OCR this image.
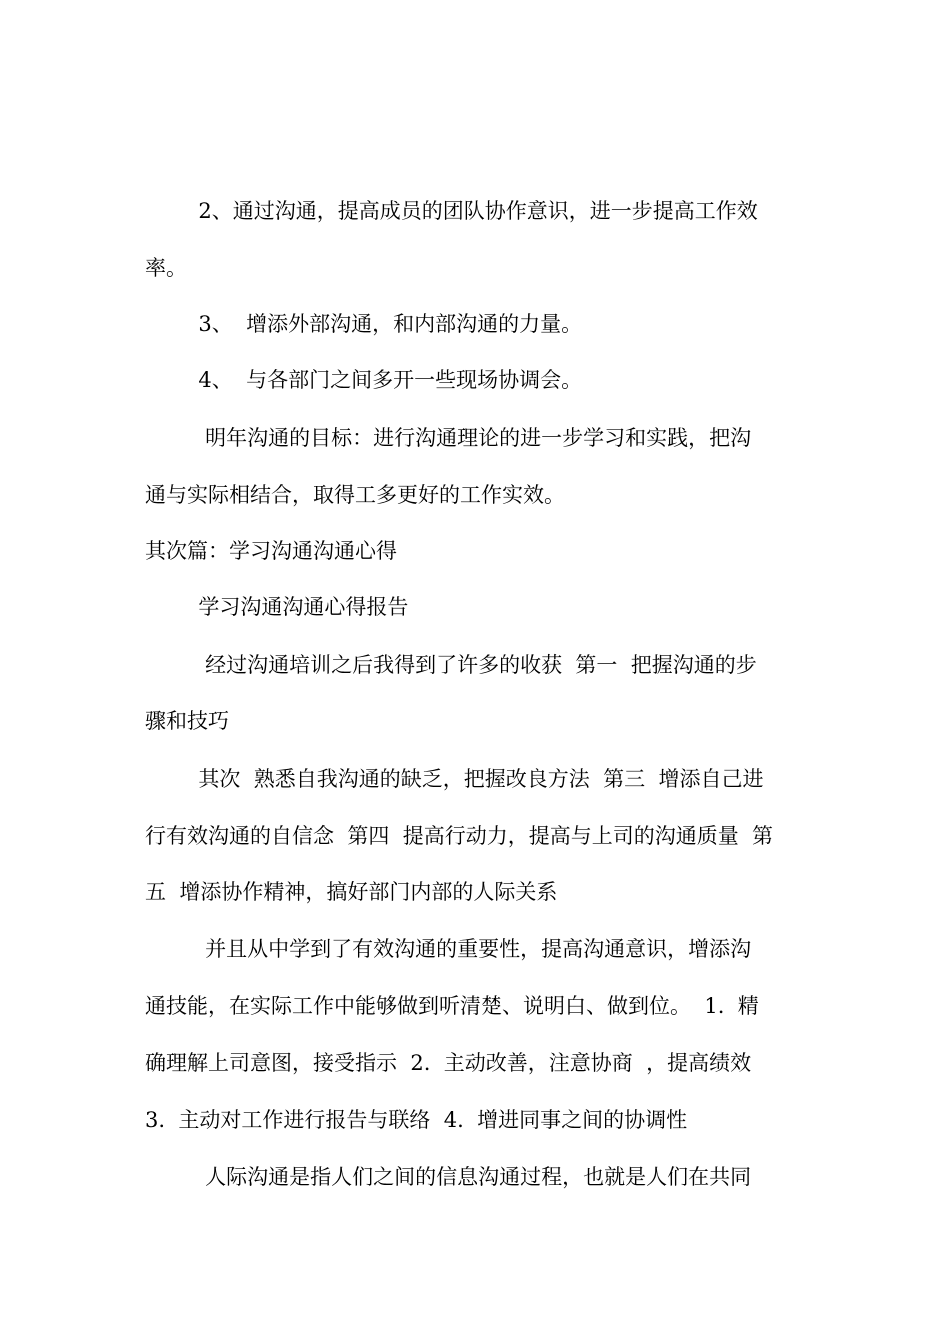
2、通过沟通，提高成员的团队协作意识，进一步提高工作效

率。

3、  增添外部沟通，和内部沟通的力量。

4、  与各部门之间多开一些现场协调会。

明年沟通的目标：进行沟通理论的进一步学习和实践，把沟

通与实际相结合，取得工多更好的工作实效。

其次篇：学习沟通沟通心得

学习沟通沟通心得报告

经过沟通培训之后我得到了许多的收获  第一  把握沟通的步

骤和技巧

其次  熟悉自我沟通的缺乏，把握改良方法  第三  增添自己进

行有效沟通的自信念  第四  提高行动力，提高与上司的沟通质量  第

五  增添协作精神，搞好部门内部的人际关系

并且从中学到了有效沟通的重要性，提高沟通意识，增添沟

通技能，在实际工作中能够做到听清楚、说明白、做到位。  1.  精

确理解上司意图，接受指示  2.  主动改善，注意协商  ，提高绩效

3.  主动对工作进行报告与联络  4.  增进同事之间的协调性

人际沟通是指人们之间的信息沟通过程，也就是人们在共同
